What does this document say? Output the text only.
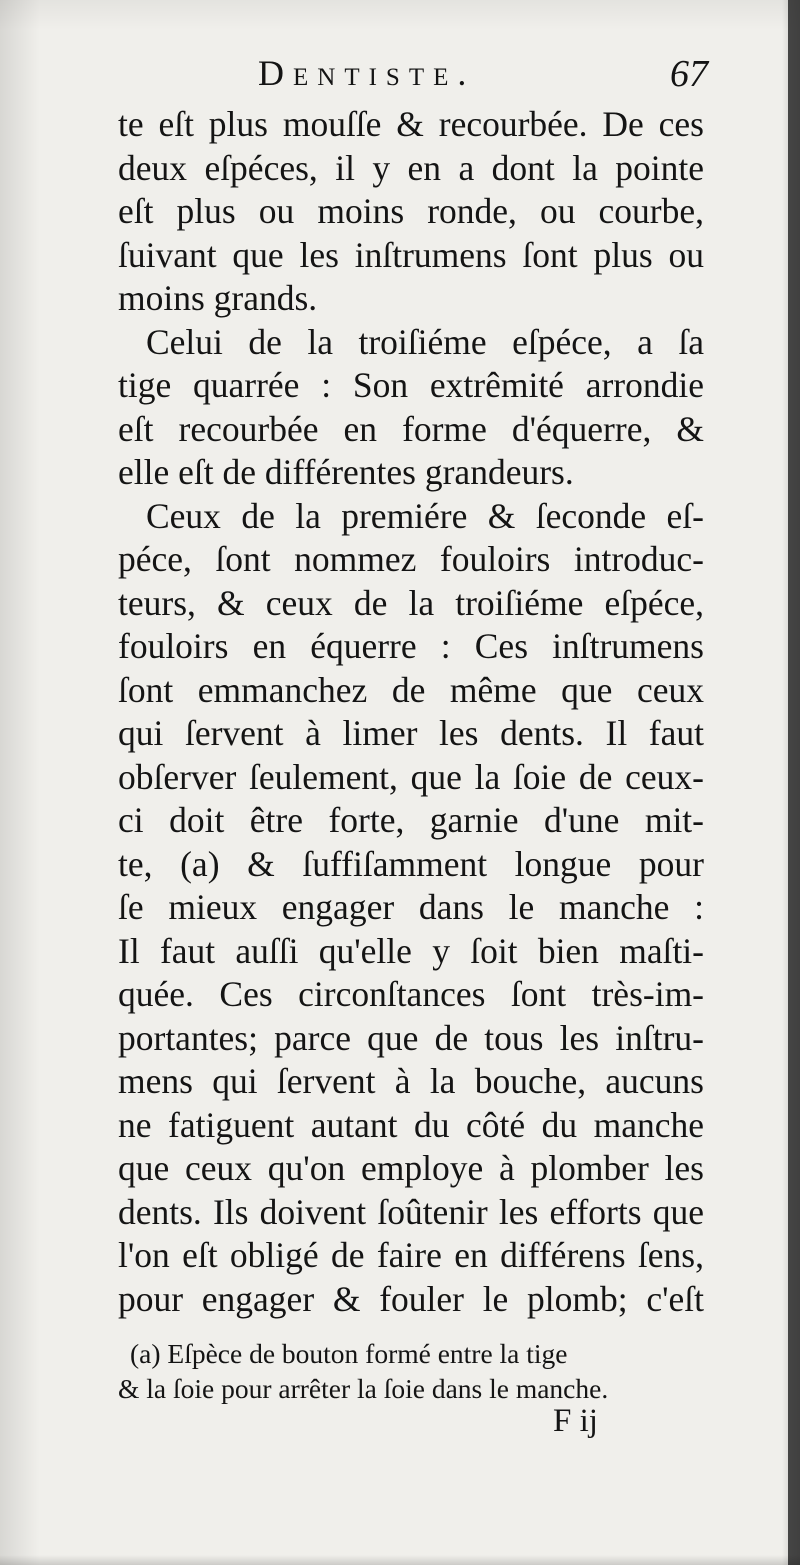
Dentiste.	67
te eſt plus mouſſe & recourbée. De ces
deux eſpéces, il y en a dont la pointe
eſt plus ou moins ronde, ou courbe,
ſuivant que les inſtrumens ſont plus ou
moins grands.
Celui de la troiſiéme eſpéce, a ſa
tige quarrée : Son extrêmité arrondie
eſt recourbée en forme d'équerre, &
elle eſt de différentes grandeurs.
Ceux de la premiére & ſeconde eſ-
péce, ſont nommez fouloirs introduc-
teurs, & ceux de la troiſiéme eſpéce,
fouloirs en équerre : Ces inſtrumens
ſont emmanchez de même que ceux
qui ſervent à limer les dents. Il faut
obſerver ſeulement, que la ſoie de ceux-
ci doit être forte, garnie d'une mit-
te, (a) & ſuffiſamment longue pour
ſe mieux engager dans le manche :
Il faut auſſi qu'elle y ſoit bien maſti-
quée. Ces circonſtances ſont très-im-
portantes; parce que de tous les inſtru-
mens qui ſervent à la bouche, aucuns
ne fatiguent autant du côté du manche
que ceux qu'on employe à plomber les
dents. Ils doivent ſoûtenir les efforts que
l'on eſt obligé de faire en différens ſens,
pour engager & fouler le plomb; c'eſt
(a) Eſpèce de bouton formé entre la tige
& la ſoie pour arrêter la ſoie dans le manche.
F ij
